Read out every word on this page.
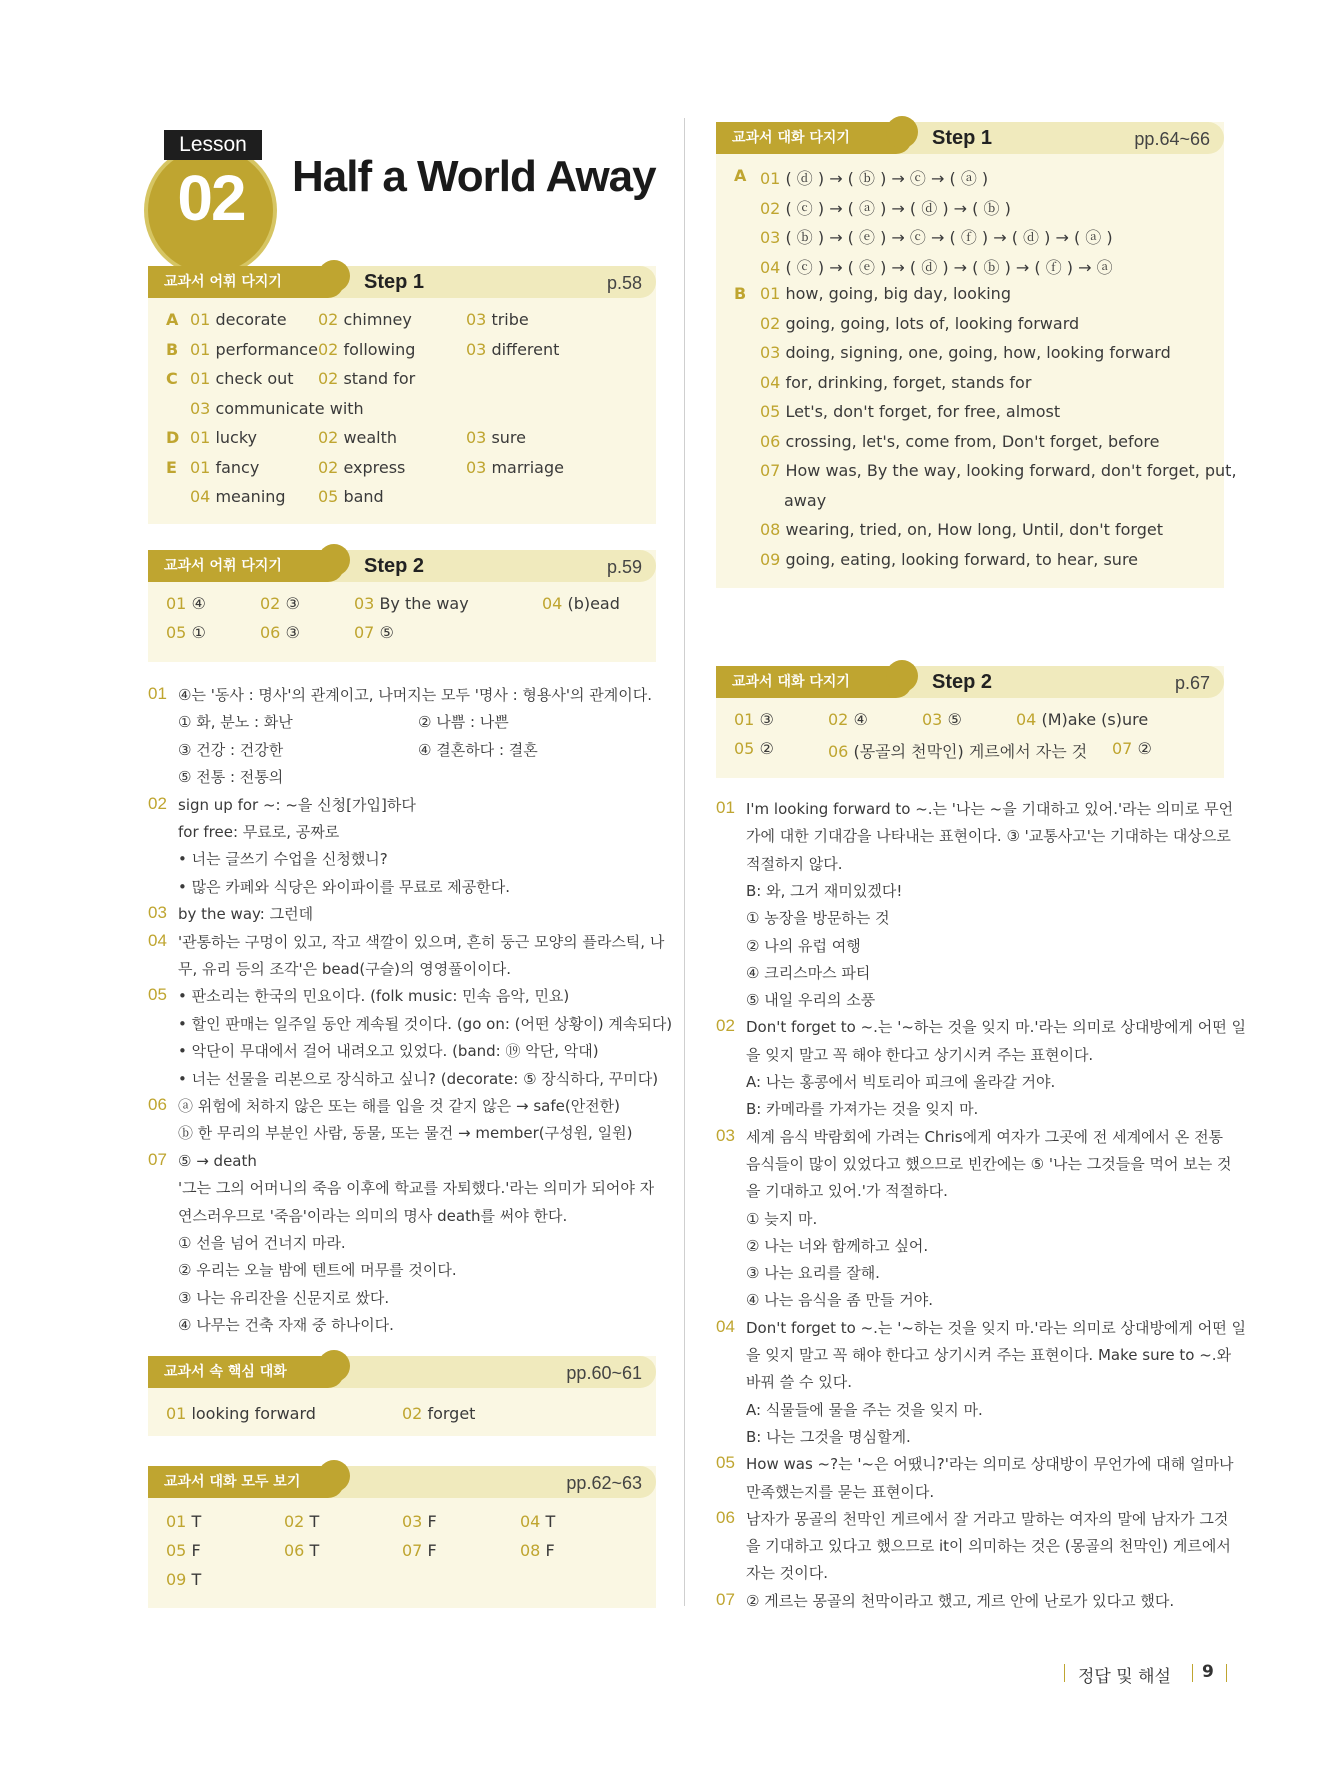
Lesson
02	Half a World Away
교과서 어휘 다지기	Step 1	p.58
A 01 decorate 02 chimney	03 tribe
B 01 performance 02 following	03 different
C 01 check out 02 stand for
03 communicate with
D 01 lucky	02 wealth	03 sure
E 01 fancy	02 express	03 marriage
04 meaning 05 band
교과서 어휘 다지기	Step 2	p.59
01 ④	02 ③	03 By the way	04 (b)ead
05 ①	06 ③	07 ⑤
01 ④는 '동사 : 명사'의 관계이고, 나머지는 모두 '명사 : 형용사'의 관계이다.
① 화, 분노 : 화난	② 나쁨 : 나쁜
③ 건강 : 건강한	④ 결혼하다 : 결혼
⑤ 전통 : 전통의
02 sign up for ~: ~을 신청[가입]하다
for free: 무료로, 공짜로
• 너는 글쓰기 수업을 신청했니?
• 많은 카페와 식당은 와이파이를 무료로 제공한다.
03 by the way: 그런데
04 '관통하는 구멍이 있고, 작고 색깔이 있으며, 흔히 둥근 모양의 플라스틱, 나
무, 유리 등의 조각'은 bead(구슬)의 영영풀이이다.
05 • 판소리는 한국의 민요이다. (folk music: 민속 음악, 민요)
• 할인 판매는 일주일 동안 계속될 것이다. (go on: (어떤 상황이) 계속되다)
• 악단이 무대에서 걸어 내려오고 있었다. (band: ⑲ 악단, 악대)
• 너는 선물을 리본으로 장식하고 싶니? (decorate: ⑤ 장식하다, 꾸미다)
06 ⓐ 위험에 처하지 않은 또는 해를 입을 것 같지 않은 → safe(안전한)
ⓑ 한 무리의 부분인 사람, 동물, 또는 물건 → member(구성원, 일원)
07 ⑤ → death
'그는 그의 어머니의 죽음 이후에 학교를 자퇴했다.'라는 의미가 되어야 자
연스러우므로 '죽음'이라는 의미의 명사 death를 써야 한다.
① 선을 넘어 건너지 마라.
② 우리는 오늘 밤에 텐트에 머무를 것이다.
③ 나는 유리잔을 신문지로 쌌다.
④ 나무는 건축 자재 중 하나이다.
교과서 속 핵심 대화	pp.60~61
01 looking forward	02 forget
교과서 대화 모두 보기	pp.62~63
01 T	02 T	03 F	04 T
05 F	06 T	07 F	08 F
09 T
교과서 대화 다지기	Step 1	pp.64~66
A 01 ( ⓓ ) → ( ⓑ ) → ⓒ → ( ⓐ )
02 ( ⓒ ) → ( ⓐ ) → ( ⓓ ) → ( ⓑ )
03 ( ⓑ ) → ( ⓔ ) → ⓒ → ( ⓕ ) → ( ⓓ ) → ( ⓐ )
04 ( ⓒ ) → ( ⓔ ) → ( ⓓ ) → ( ⓑ ) → ( ⓕ ) → ⓐ
B 01 how, going, big day, looking
02 going, going, lots of, looking forward
03 doing, signing, one, going, how, looking forward
04 for, drinking, forget, stands for
05 Let's, don't forget, for free, almost
06 crossing, let's, come from, Don't forget, before
07 How was, By the way, looking forward, don't forget, put,
away
08 wearing, tried, on, How long, Until, don't forget
09 going, eating, looking forward, to hear, sure
교과서 대화 다지기	Step 2	p.67
01 ③	02 ④	03 ⑤	04 (M)ake (s)ure
05 ②	06 (몽골의 천막인) 게르에서 자는 것 07 ②
01 I'm looking forward to ~.는 '나는 ~을 기대하고 있어.'라는 의미로 무언
가에 대한 기대감을 나타내는 표현이다. ③ '교통사고'는 기대하는 대상으로
적절하지 않다.
B: 와, 그거 재미있겠다!
① 농장을 방문하는 것
② 나의 유럽 여행
④ 크리스마스 파티
⑤ 내일 우리의 소풍
02 Don't forget to ~.는 '~하는 것을 잊지 마.'라는 의미로 상대방에게 어떤 일
을 잊지 말고 꼭 해야 한다고 상기시켜 주는 표현이다.
A: 나는 홍콩에서 빅토리아 피크에 올라갈 거야.
B: 카메라를 가져가는 것을 잊지 마.
03 세계 음식 박람회에 가려는 Chris에게 여자가 그곳에 전 세계에서 온 전통
음식들이 많이 있었다고 했으므로 빈칸에는 ⑤ '나는 그것들을 먹어 보는 것
을 기대하고 있어.'가 적절하다.
① 늦지 마.
② 나는 너와 함께하고 싶어.
③ 나는 요리를 잘해.
④ 나는 음식을 좀 만들 거야.
04 Don't forget to ~.는 '~하는 것을 잊지 마.'라는 의미로 상대방에게 어떤 일
을 잊지 말고 꼭 해야 한다고 상기시켜 주는 표현이다. Make sure to ~.와
바꿔 쓸 수 있다.
A: 식물들에 물을 주는 것을 잊지 마.
B: 나는 그것을 명심할게.
05 How was ~?는 '~은 어땠니?'라는 의미로 상대방이 무언가에 대해 얼마나
만족했는지를 묻는 표현이다.
06 남자가 몽골의 천막인 게르에서 잘 거라고 말하는 여자의 말에 남자가 그것
을 기대하고 있다고 했으므로 it이 의미하는 것은 (몽골의 천막인) 게르에서
자는 것이다.
07 ② 게르는 몽골의 천막이라고 했고, 게르 안에 난로가 있다고 했다.
정답 및 해설 9
